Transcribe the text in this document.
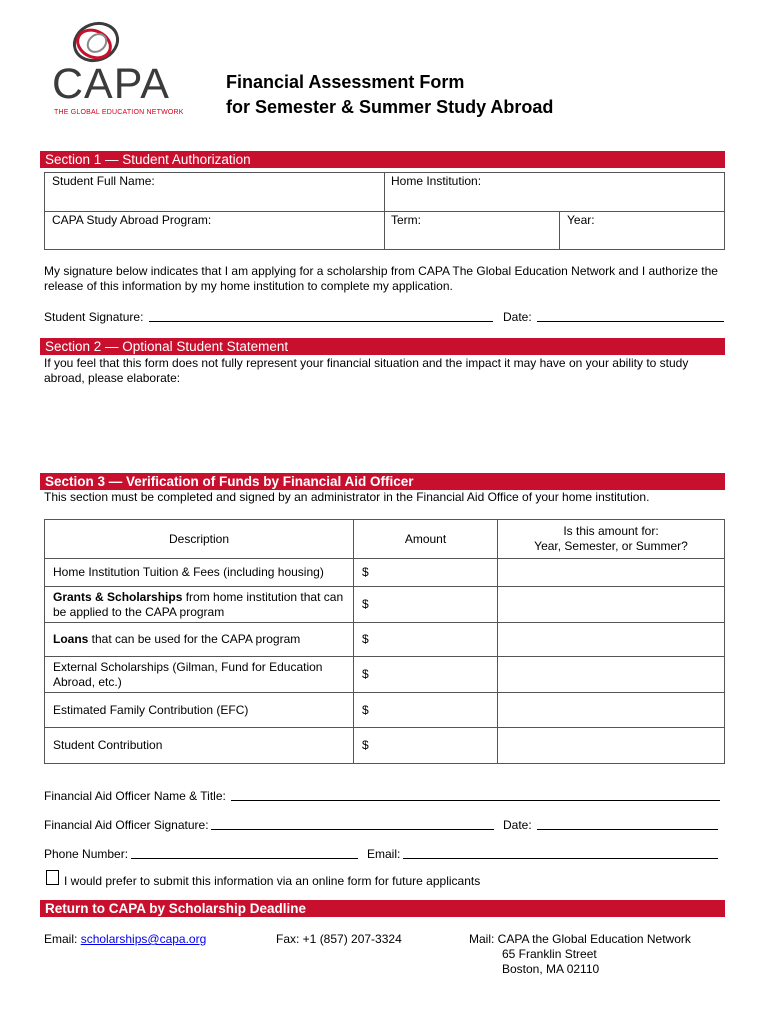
CAPA
THE GLOBAL EDUCATION NETWORK
Financial Assessment Form
for Semester & Summer Study Abroad
Section 1 — Student Authorization
Student Full Name:	Home Institution:
CAPA Study Abroad Program:	Term:	Year:
My signature below indicates that I am applying for a scholarship from CAPA The Global Education Network and I authorize the release of this information by my home institution to complete my application.
Student Signature:	Date:
Section 2 — Optional Student Statement
If you feel that this form does not fully represent your financial situation and the impact it may have on your ability to study abroad, please elaborate:
Section 3 — Verification of Funds by Financial Aid Officer
This section must be completed and signed by an administrator in the Financial Aid Office of your home institution.
Description	Amount	Is this amount for:
Year, Semester, or Summer?

Home Institution Tuition & Fees (including housing)	$	
Grants & Scholarships from home institution that can be applied to the CAPA program	$	
Loans that can be used for the CAPA program	$	
External Scholarships (Gilman, Fund for Education Abroad, etc.)	$	
Estimated Family Contribution (EFC)	$	
Student Contribution	$	
Financial Aid Officer Name & Title:
Financial Aid Officer Signature:	Date:
Phone Number:	Email:
I would prefer to submit this information via an online form for future applicants
Return to CAPA by Scholarship Deadline
Email: scholarships@capa.org	Fax: +1 (857) 207-3324	Mail: CAPA the Global Education Network
65 Franklin Street
Boston, MA 02110
